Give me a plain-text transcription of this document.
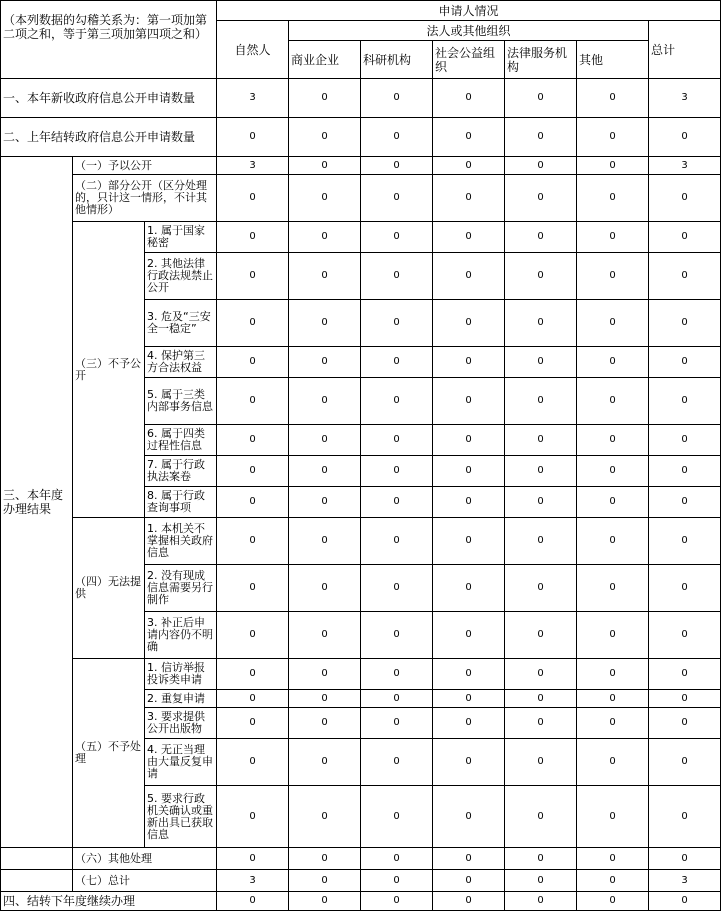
（本列数据的勾稽关系为：第一项加第二项之和，等于第三项加第四项之和）			申请人情况						
			自然人	法人或其他组织					总计
				商业企业	科研机构	社会公益组织	法律服务机构	其他	
一、本年新收政府信息公开申请数量			3	0	0	0	0	0	3
二、上年结转政府信息公开申请数量			0	0	0	0	0	0	0
三、本年度办理结果	（一）予以公开		3	0	0	0	0	0	3
	（二）部分公开（区分处理的，只计这一情形，不计其他情形）		0	0	0	0	0	0	0
	（三）不予公开	1. 属于国家秘密	0	0	0	0	0	0	0
		2. 其他法律行政法规禁止公开	0	0	0	0	0	0	0
		3. 危及“三安全一稳定”	0	0	0	0	0	0	0
		4. 保护第三方合法权益	0	0	0	0	0	0	0
		5. 属于三类内部事务信息	0	0	0	0	0	0	0
		6. 属于四类过程性信息	0	0	0	0	0	0	0
		7. 属于行政执法案卷	0	0	0	0	0	0	0
		8. 属于行政查询事项	0	0	0	0	0	0	0
	（四）无法提供	1. 本机关不掌握相关政府信息	0	0	0	0	0	0	0
		2. 没有现成信息需要另行制作	0	0	0	0	0	0	0
		3. 补正后申请内容仍不明确	0	0	0	0	0	0	0
	（五）不予处理	1. 信访举报投诉类申请	0	0	0	0	0	0	0
		2. 重复申请	0	0	0	0	0	0	0
		3. 要求提供公开出版物	0	0	0	0	0	0	0
		4. 无正当理由大量反复申请	0	0	0	0	0	0	0
		5. 要求行政机关确认或重新出具已获取信息	0	0	0	0	0	0	0
	（六）其他处理		0	0	0	0	0	0	0
	（七）总计		3	0	0	0	0	0	3
四、结转下年度继续办理			0	0	0	0	0	0	0
